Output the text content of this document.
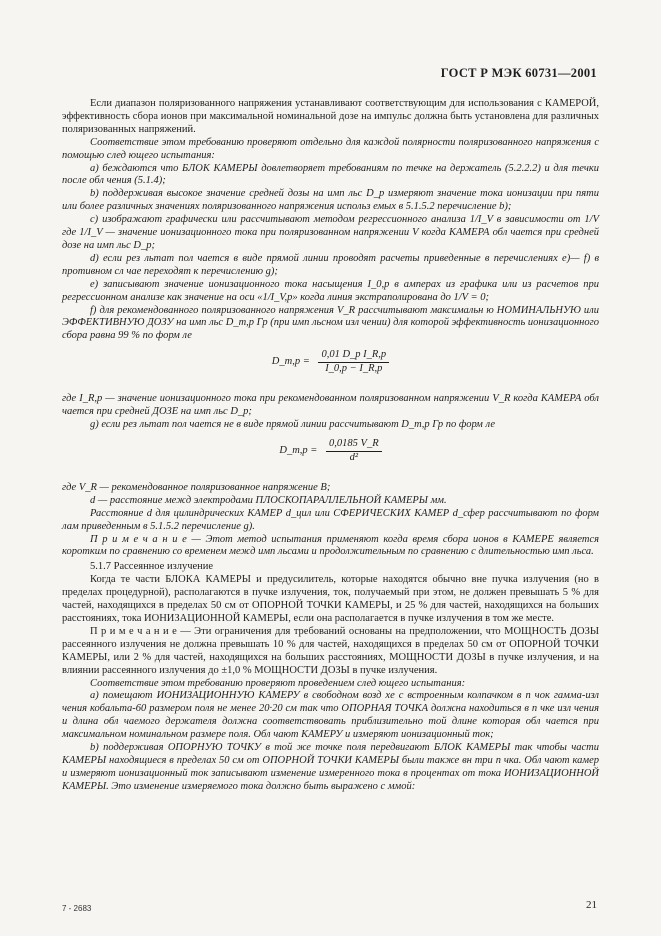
ГОСТ Р МЭК 60731—2001

Если диапазон поляризованного напряжения устанавливают соответствующим для использования с КАМЕРОЙ, эффективность сбора ионов при максимальной номинальной дозе на импульс должна быть установлена для различных поляризованных напряжений.

Соответствие этом требованию проверяют отдельно для каждой полярности поляризованного напряжения с помощью след ющего испытания:

a) беждаются что БЛОК КАМЕРЫ довлетворяет требованиям по течке на держатель (5.2.2.2) и для течки после обл чения (5.1.4);

b) поддерживая высокое значение средней дозы на имп льс D_p измеряют значение тока ионизации при пяти или более различных значениях поляризованного напряжения использ емых в 5.1.5.2 перечисление b);

c) изображают графически или рассчитывают методом регрессионного анализа 1/I_V в зависимости от 1/V где 1/I_V — значение ионизационного тока при поляризованном напряжении V когда КАМЕРА обл чается при средней дозе на имп льс D_p;

d) если рез льтат пол чается в виде прямой линии проводят расчеты приведенные в перечислениях e)— f) в противном сл чае переходят к перечислению g);

e) записывают значение ионизационного тока насыщения I_0,p в амперах из графика или из расчетов при регрессионном анализе как значение на оси «1/I_V,p» когда линия экстраполирована до 1/V = 0;

f) для рекомендованного поляризованного напряжения V_R рассчитывают максимальн ю НОМИНАЛЬНУЮ или ЭФФЕКТИВНУЮ ДОЗУ на имп льс D_m,p Гр (при имп льсном изл чении) для которой эффективность ионизационного сбора равна 99 % по форм ле

D_m,p = $\frac{\text{0,01 D\_p I\_R,p}}{I\_0,p - I\_R,p}$

где I_R,p — значение ионизационного тока при рекомендованном поляризованном напряжении V_R когда КАМЕРА обл чается при средней ДОЗЕ на имп льс D_p;

g) если рез льтат пол чается не в виде прямой линии рассчитывают D_m,p Гр по форм ле

D_m,p = $\frac{0,0185 V\_R}{\text{d²}}$

где V_R — рекомендованное поляризованное напряжение В;

d — расстояние межд электродами ПЛОСКОПАРАЛЛЕЛЬНОЙ КАМЕРЫ мм.

Расстояние d для цилиндрических КАМЕР d_цил или СФЕРИЧЕСКИХ КАМЕР d_сфер рассчитывают по форм лам приведенным в 5.1.5.2 перечисление g).

П р и м е ч а н и е — Этот метод испытания применяют когда время сбора ионов в КАМЕРЕ является коротким по сравнению со временем межд имп льсами и продолжительным по сравнению с длительностью имп льса.

5.1.7 Рассеянное излучение

Когда те части БЛОКА КАМЕРЫ и предусилитель, которые находятся обычно вне пучка излучения (но в пределах процедурной), располагаются в пучке излучения, ток, получаемый при этом, не должен превышать 5 % для частей, находящихся в пределах 50 см от ОПОРНОЙ ТОЧКИ КАМЕРЫ, и 25 % для частей, находящихся на больших расстояниях, тока ИОНИЗАЦИОННОЙ КАМЕРЫ, если она располагается в пучке излучения в том же месте.

П р и м е ч а н и е — Эти ограничения для требований основаны на предположении, что МОЩНОСТЬ ДОЗЫ рассеянного излучения не должна превышать 10 % для частей, находящихся в пределах 50 см от ОПОРНОЙ ТОЧКИ КАМЕРЫ, или 2 % для частей, находящихся на больших расстояниях, МОЩНОСТИ ДОЗЫ в пучке излучения, и на влиянии рассеянного излучения до ±1,0 % МОЩНОСТИ ДОЗЫ в пучке излучения.

Соответствие этом требованию проверяют проведением след ющего испытания:

a) помещают ИОНИЗАЦИОННУЮ КАМЕРУ в свободном возд хе с встроенным колпачком в п чок гамма-изл чения кобальта-60 размером поля не менее 20·20 см так что ОПОРНАЯ ТОЧКА должна находиться в п чке изл чения и длина обл чаемого держателя должна соответствовать приблизительно той длине которая обл чается при максимальном номинальном размере поля. Обл чают КАМЕРУ и измеряют ионизационный ток;

b) поддерживая ОПОРНУЮ ТОЧКУ в той же точке поля передвигают БЛОК КАМЕРЫ так чтобы части КАМЕРЫ находящиеся в пределах 50 см от ОПОРНОЙ ТОЧКИ КАМЕРЫ были также вн три п чка. Обл чают камер и измеряют ионизационный ток записывают изменение измеренного тока в процентах от тока ИОНИЗАЦИОННОЙ КАМЕРЫ. Это изменение измеряемого тока должно быть выражено с ммой:

7 - 2683	21
